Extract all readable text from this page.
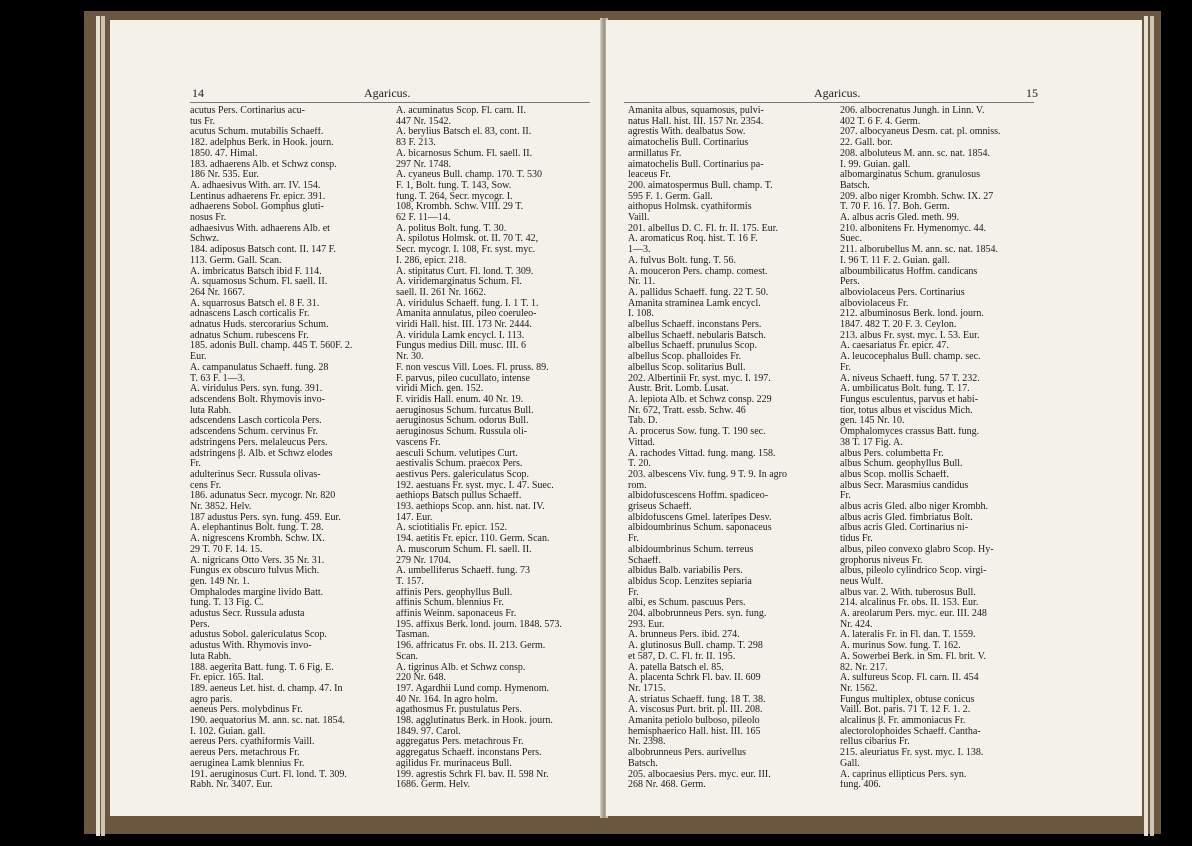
14	Agaricus.
acutus Pers. Cortinarius acu-
tus Fr.
acutus Schum. mutabilis Schaeff.
182. adelphus Berk. in Hook. journ.
1850. 47. Himal.
183. adhaerens Alb. et Schwz consp.
186 Nr. 535. Eur.
A. adhaesivus With. arr. IV. 154.
Lentinus adhaerens Fr. epicr. 391.
adhaerens Sobol. Gomphus gluti-
nosus Fr.
adhaesivus With. adhaerens Alb. et
Schwz.
184. adiposus Batsch cont. II. 147 F.
113. Germ. Gall. Scan.
A. imbricatus Batsch ibid F. 114.
A. squamosus Schum. Fl. saell. II.
264 Nr. 1667.
A. squarrosus Batsch el. 8 F. 31.
adnascens Lasch corticalis Fr.
adnatus Huds. stercorarius Schum.
adnatus Schum. rubescens Fr.
185. adonis Bull. champ. 445 T. 560F. 2.
Eur.
A. campanulatus Schaeff. fung. 28
T. 63 F. 1—3.
A. viridulus Pers. syn. fung. 391.
adscendens Bolt. Rhymovis invo-
luta Rabh.
adscendens Lasch corticola Pers.
adscendens Schum. cervinus Fr.
adstringens Pers. melaleucus Pers.
adstringens β. Alb. et Schwz elodes
Fr.
adulterinus Secr. Russula olivas-
cens Fr.
186. adunatus Secr. mycogr. Nr. 820
Nr. 3852. Helv.
187 adustus Pers. syn. fung. 459. Eur.
A. elephantinus Bolt. fung. T. 28.
A. nigrescens Krombh. Schw. IX.
29 T. 70 F. 14. 15.
A. nigricans Otto Vers. 35 Nr. 31.
Fungus ex obscuro fulvus Mich.
gen. 149 Nr. 1.
Omphalodes margine livido Batt.
fung. T. 13 Fig. C.
adustus Secr. Russula adusta
Pers.
adustus Sobol. galericulatus Scop.
adustus With. Rhymovis invo-
luta Rabh.
188. aegerita Batt. fung. T. 6 Fig. E.
Fr. epicr. 165. Ital.
189. aeneus Let. hist. d. champ. 47. In
agro paris.
aeneus Pers. molybdinus Fr.
190. aequatorius M. ann. sc. nat. 1854.
I. 102. Guian. gall.
aereus Pers. cyathiformis Vaill.
aereus Pers. metachrous Fr.
aeruginea Lamk blennius Fr.
191. aeruginosus Curt. Fl. lond. T. 309.
Rabh. Nr. 3407. Eur.
A. acuminatus Scop. Fl. carn. II.
447 Nr. 1542.
A. berylius Batsch el. 83, cont. II.
83 F. 213.
A. bicarnosus Schum. Fl. saell. II.
297 Nr. 1748.
A. cyaneus Bull. champ. 170. T. 530
F. 1, Bolt. fung. T. 143, Sow.
fung. T. 264, Secr. mycogr. I.
108, Krombh. Schw. VIII. 29 T.
62 F. 11—14.
A. politus Bolt. fung. T. 30.
A. spilotus Holmsk. ot. II. 70 T. 42,
Secr. mycogr. I. 108, Fr. syst. myc.
I. 286, epicr. 218.
A. stipitatus Curt. Fl. lond. T. 309.
A. viridemarginatus Schum. Fl.
saell. II. 261 Nr. 1662.
A. viridulus Schaeff. fung. I. 1 T. 1.
Amanita annulatus, pileo coeruleo-
viridi Hall. hist. III. 173 Nr. 2444.
A. viridula Lamk encycl. I. 113.
Fungus medius Dill. musc. III. 6
Nr. 30.
F. non vescus Vill. Loes. Fl. pruss. 89.
F. parvus, pileo cucullato, intense
viridi Mich. gen. 152.
F. viridis Hall. enum. 40 Nr. 19.
aeruginosus Schum. furcatus Bull.
aeruginosus Schum. odorus Bull.
aeruginosus Schum. Russula oli-
vascens Fr.
aesculi Schum. velutipes Curt.
aestivalis Schum. praecox Pers.
aestivus Pers. galericulatus Scop.
192. aestuans Fr. syst. myc. I. 47. Suec.
aethiops Batsch pullus Schaeff.
193. aethiops Scop. ann. hist. nat. IV.
147. Eur.
A. sciotitialis Fr. epicr. 152.
194. aetitis Fr. epicr. 110. Germ. Scan.
A. muscorum Schum. Fl. saell. II.
279 Nr. 1704.
A. umbelliferus Schaeff. fung. 73
T. 157.
affinis Pers. geophyllus Bull.
affinis Schum. blennius Fr.
affinis Weinm. saponaceus Fr.
195. affixus Berk. lond. journ. 1848. 573.
Tasman.
196. affricatus Fr. obs. II. 213. Germ.
Scan.
A. tigrinus Alb. et Schwz consp.
220 Nr. 648.
197. Agardhii Lund comp. Hymenom.
40 Nr. 164. In agro holm.
agathosmus Fr. pustulatus Pers.
198. agglutinatus Berk. in Hook. journ.
1849. 97. Carol.
aggregatus Pers. metachrous Fr.
aggregatus Schaeff. inconstans Pers.
agilidus Fr. murinaceus Bull.
199. agrestis Schrk Fl. bav. II. 598 Nr.
1686. Germ. Helv.
Agaricus.	15
Amanita albus, squamosus, pulvi-
natus Hall. hist. III. 157 Nr. 2354.
agrestis With. dealbatus Sow.
aimatochelis Bull. Cortinarius
armillatus Fr.
aimatochelis Bull. Cortinarius pa-
leaceus Fr.
200. aimatospermus Bull. champ. T.
595 F. 1. Germ. Gall.
aithopus Holmsk. cyathiformis
Vaill.
201. albellus D. C. Fl. fr. II. 175. Eur.
A. aromaticus Roq. hist. T. 16 F.
1—3.
A. fulvus Bolt. fung. T. 56.
A. mouceron Pers. champ. comest.
Nr. 11.
A. pallidus Schaeff. fung. 22 T. 50.
Amanita straminea Lamk encycl.
I. 108.
albellus Schaeff. inconstans Pers.
albellus Schaeff. nebularis Batsch.
albellus Schaeff. prunulus Scop.
albellus Scop. phalloides Fr.
albellus Scop. solitarius Bull.
202. Albertinii Fr. syst. myc. I. 197.
Austr. Brit. Lomb. Lusat.
A. lepiota Alb. et Schwz consp. 229
Nr. 672, Tratt. essb. Schw. 46
Tab. D.
A. procerus Sow. fung. T. 190 sec.
Vittad.
A. rachodes Vittad. fung. mang. 158.
T. 20.
203. albescens Viv. fung. 9 T. 9. In agro
rom.
albidofuscescens Hoffm. spadiceo-
griseus Schaeff.
albidofuscens Gmel. laterîpes Desv.
albidoumbrinus Schum. saponaceus
Fr.
albidoumbrinus Schum. terreus
Schaeff.
albidus Balb. variabilis Pers.
albidus Scop. Lenzites sepiaria
Fr.
albi, es Schum. pascuus Pers.
204. albobrunneus Pers. syn. fung.
293. Eur.
A. brunneus Pers. ibid. 274.
A. glutinosus Bull. champ. T. 298
et 587, D. C. Fl. fr. II. 195.
A. patella Batsch el. 85.
A. placenta Schrk Fl. bav. II. 609
Nr. 1715.
A. striatus Schaeff. fung. 18 T. 38.
A. viscosus Purt. brit. pl. III. 208.
Amanita petiolo bulboso, pileolo
hemisphaerico Hall. hist. III. 165
Nr. 2398.
albobrunneus Pers. aurivellus
Batsch.
205. albocaesius Pers. myc. eur. III.
268 Nr. 468. Germ.
206. albocrenatus Jungh. in Linn. V.
402 T. 6 F. 4. Germ.
207. albocyaneus Desm. cat. pl. omniss.
22. Gall. bor.
208. alboluteus M. ann. sc. nat. 1854.
I. 99. Guian. gall.
albomarginatus Schum. granulosus
Batsch.
209. albo niger Krombh. Schw. IX. 27
T. 70 F. 16. 17. Boh. Germ.
A. albus acris Gled. meth. 99.
210. albonitens Fr. Hymenomyc. 44.
Suec.
211. alborubellus M. ann. sc. nat. 1854.
I. 96 T. 11 F. 2. Guian. gall.
alboumbilicatus Hoffm. candicans
Pers.
alboviolaceus Pers. Cortinarius
alboviolaceus Fr.
212. albuminosus Berk. lond. journ.
1847. 482 T. 20 F. 3. Ceylon.
213. albus Fr. syst. myc. I. 53. Eur.
A. caesariatus Fr. epicr. 47.
A. leucocephalus Bull. champ. sec.
Fr.
A. niveus Schaeff. fung. 57 T. 232.
A. umbilicatus Bolt. fung. T. 17.
Fungus esculentus, parvus et habi-
tior, totus albus et viscidus Mich.
gen. 145 Nr. 10.
Omphalomyces crassus Batt. fung.
38 T. 17 Fig. A.
albus Pers. columbetta Fr.
albus Schum. geophyllus Bull.
albus Scop. mollis Schaeff.
albus Secr. Marasmius candidus
Fr.
albus acris Gled. albo niger Krombh.
albus acris Gled. fimbriatus Bolt.
albus acris Gled. Cortinarius ni-
tidus Fr.
albus, pileo convexo glabro Scop. Hy-
grophorus niveus Fr.
albus, pileolo cylindrico Scop. virgi-
neus Wulf.
albus var. 2. With. tuberosus Bull.
214. alcalinus Fr. obs. II. 153. Eur.
A. areolarum Pers. myc. eur. III. 248
Nr. 424.
A. lateralis Fr. in Fl. dan. T. 1559.
A. murinus Sow. fung. T. 162.
A. Sowerbei Berk. in Sm. Fl. brit. V.
82. Nr. 217.
A. sulfureus Scop. Fl. carn. II. 454
Nr. 1562.
Fungus multiplex, obtuse conicus
Vaill. Bot. paris. 71 T. 12 F. 1. 2.
alcalinus β. Fr. ammoniacus Fr.
alectorolophoides Schaeff. Cantha-
rellus cibarius Fr.
215. aleuriatus Fr. syst. myc. I. 138.
Gall.
A. caprinus ellipticus Pers. syn.
fung. 406.
